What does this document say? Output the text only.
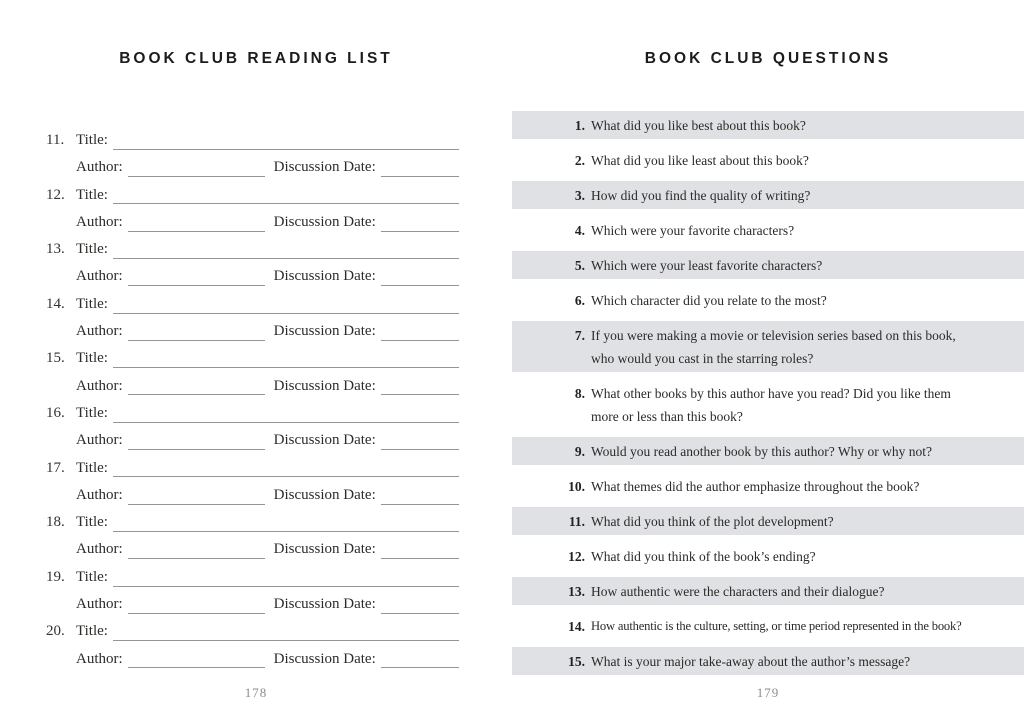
BOOK CLUB READING LIST
11. Title:
Author:	Discussion Date:
12. Title:
Author:	Discussion Date:
13. Title:
Author:	Discussion Date:
14. Title:
Author:	Discussion Date:
15. Title:
Author:	Discussion Date:
16. Title:
Author:	Discussion Date:
17. Title:
Author:	Discussion Date:
18. Title:
Author:	Discussion Date:
19. Title:
Author:	Discussion Date:
20. Title:
Author:	Discussion Date:
178
BOOK CLUB QUESTIONS
1. What did you like best about this book?
2. What did you like least about this book?
3. How did you find the quality of writing?
4. Which were your favorite characters?
5. Which were your least favorite characters?
6. Which character did you relate to the most?
7. If you were making a movie or television series based on this book,
who would you cast in the starring roles?
8. What other books by this author have you read? Did you like them
more or less than this book?
9. Would you read another book by this author? Why or why not?
10. What themes did the author emphasize throughout the book?
11. What did you think of the plot development?
12. What did you think of the book’s ending?
13. How authentic were the characters and their dialogue?
14. How authentic is the culture, setting, or time period represented in the book?
15. What is your major take-away about the author’s message?
179
